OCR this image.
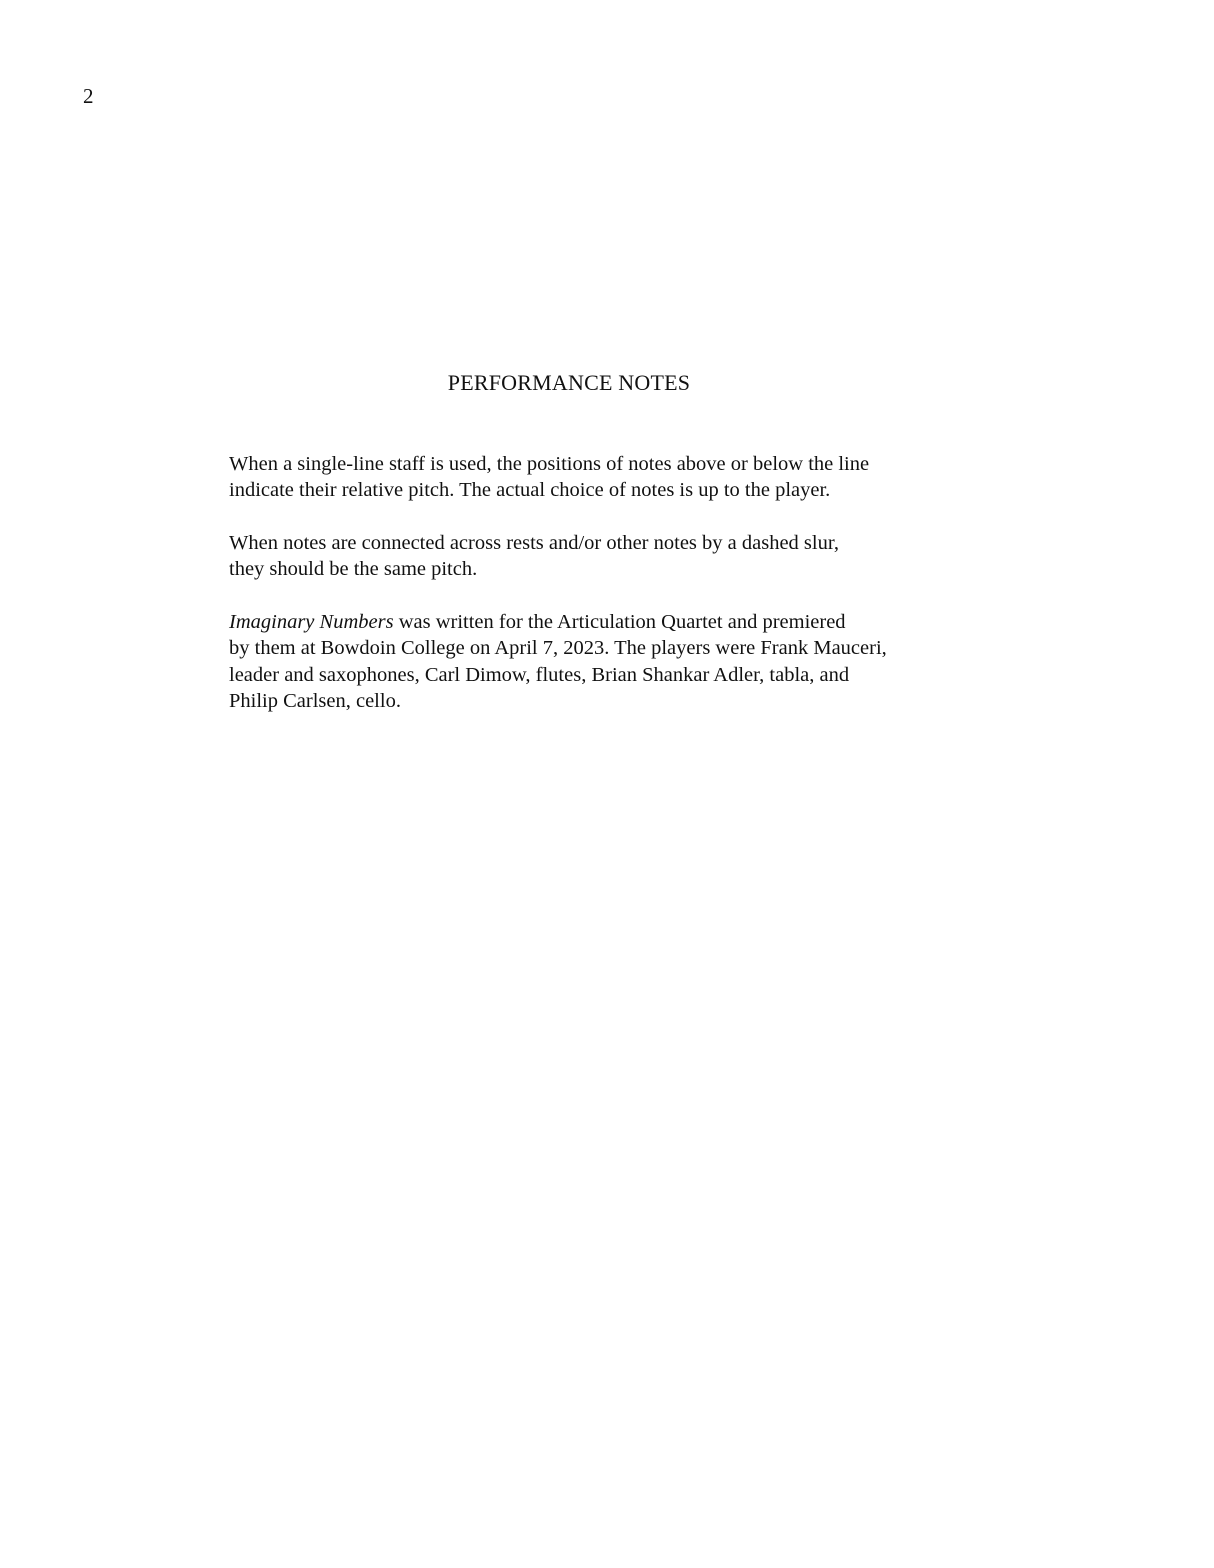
2
PERFORMANCE NOTES
When a single-line staff is used, the positions of notes above or below the line
indicate their relative pitch. The actual choice of notes is up to the player.
When notes are connected across rests and/or other notes by a dashed slur,
they should be the same pitch.
Imaginary Numbers was written for the Articulation Quartet and premiered
by them at Bowdoin College on April 7, 2023. The players were Frank Mauceri,
leader and saxophones, Carl Dimow, flutes, Brian Shankar Adler, tabla, and
Philip Carlsen, cello.
